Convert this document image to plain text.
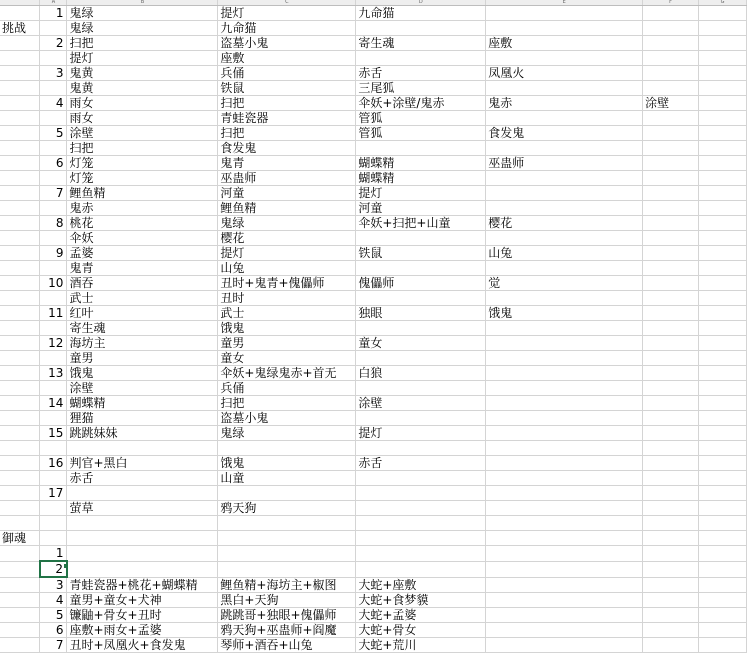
	A	B	C	D	E	F	G
	1	鬼绿	提灯	九命猫			
挑战		鬼绿	九命猫				
	2	扫把	盗墓小鬼	寄生魂	座敷		
		提灯	座敷				
	3	鬼黄	兵俑	赤舌	凤凰火		
		鬼黄	铁鼠	三尾狐			
	4	雨女	扫把	伞妖+涂壁/鬼赤	鬼赤	涂壁	
		雨女	青蛙瓷器	管狐			
	5	涂壁	扫把	管狐	食发鬼		
		扫把	食发鬼				
	6	灯笼	鬼青	蝴蝶精	巫蛊师		
		灯笼	巫蛊师	蝴蝶精			
	7	鲤鱼精	河童	提灯			
		鬼赤	鲤鱼精	河童			
	8	桃花	鬼绿	伞妖+扫把+山童	樱花		
		伞妖	樱花				
	9	孟婆	提灯	铁鼠	山兔		
		鬼青	山兔				
	10	酒吞	丑时+鬼青+傀儡师	傀儡师	觉		
		武士	丑时				
	11	红叶	武士	独眼	饿鬼		
		寄生魂	饿鬼				
	12	海坊主	童男	童女			
		童男	童女				
	13	饿鬼	伞妖+鬼绿鬼赤+首无	白狼			
		涂壁	兵俑				
	14	蝴蝶精	扫把	涂壁			
		狸猫	盗墓小鬼				
	15	跳跳妹妹	鬼绿	提灯			

	16	判官+黑白	饿鬼	赤舌			
		赤舌	山童				
	17						
		萤草	鸦天狗				

御魂							
	1						
	2						
	3	青蛙瓷器+桃花+蝴蝶精	鲤鱼精+海坊主+椒图	大蛇+座敷			
	4	童男+童女+犬神	黑白+天狗	大蛇+食梦貘			
	5	镰鼬+骨女+丑时	跳跳哥+独眼+傀儡师	大蛇+孟婆			
	6	座敷+雨女+孟婆	鸦天狗+巫蛊师+阎魔	大蛇+骨女			
	7	丑时+凤凰火+食发鬼	琴师+酒吞+山兔	大蛇+荒川			
